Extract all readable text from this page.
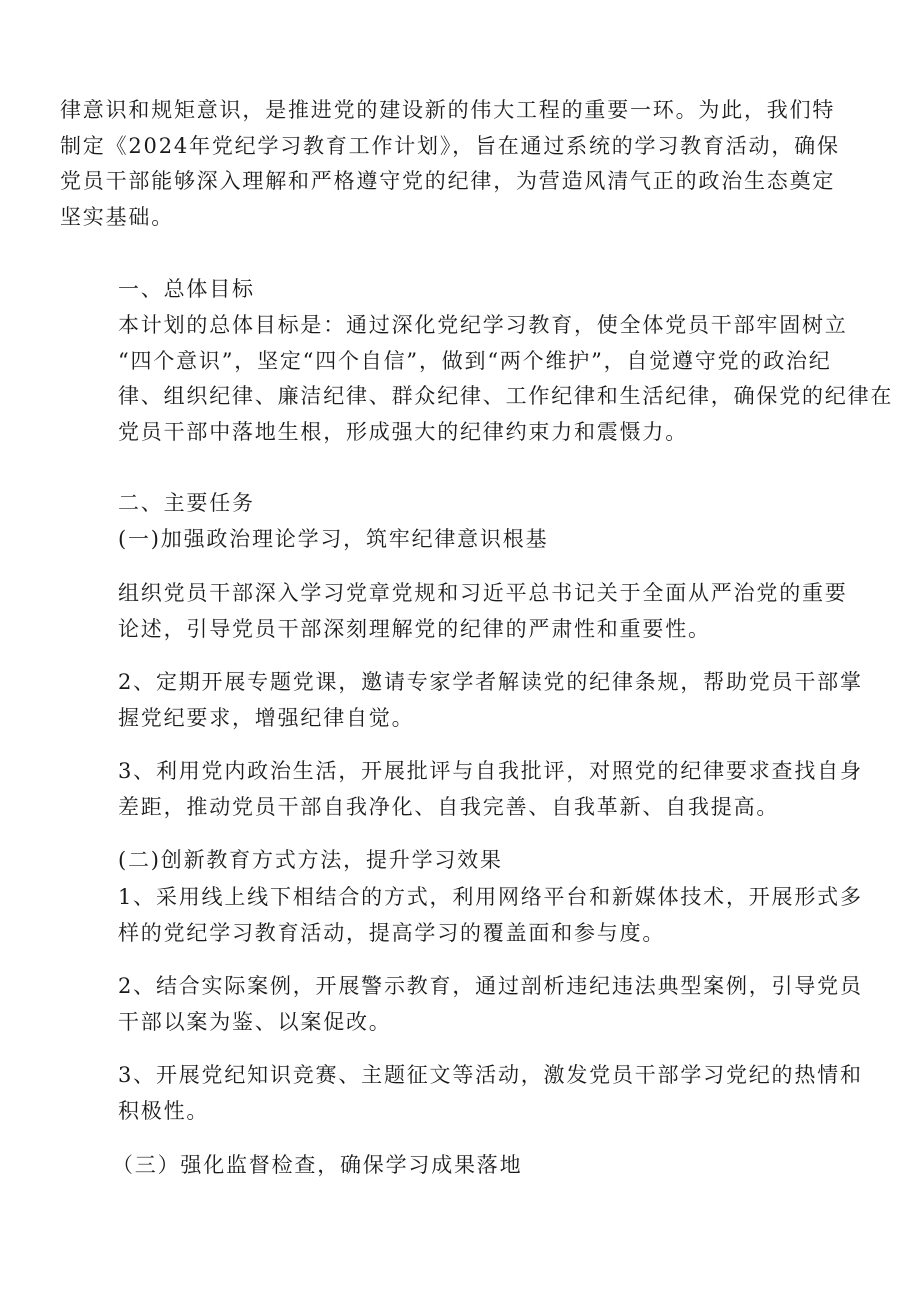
律意识和规矩意识，是推进党的建设新的伟大工程的重要一环。为此，我们特
制定《2024年党纪学习教育工作计划》，旨在通过系统的学习教育活动，确保
党员干部能够深入理解和严格遵守党的纪律，为营造风清气正的政治生态奠定
坚实基础。
一、总体目标
本计划的总体目标是：通过深化党纪学习教育，使全体党员干部牢固树立
“四个意识”，坚定“四个自信”，做到“两个维护”，自觉遵守党的政治纪
律、组织纪律、廉洁纪律、群众纪律、工作纪律和生活纪律，确保党的纪律在
党员干部中落地生根，形成强大的纪律约束力和震慑力。
二、主要任务
(一)加强政治理论学习，筑牢纪律意识根基
组织党员干部深入学习党章党规和习近平总书记关于全面从严治党的重要
论述，引导党员干部深刻理解党的纪律的严肃性和重要性。
2、定期开展专题党课，邀请专家学者解读党的纪律条规，帮助党员干部掌
握党纪要求，增强纪律自觉。
3、利用党内政治生活，开展批评与自我批评，对照党的纪律要求查找自身
差距，推动党员干部自我净化、自我完善、自我革新、自我提高。
(二)创新教育方式方法，提升学习效果
1、采用线上线下相结合的方式，利用网络平台和新媒体技术，开展形式多
样的党纪学习教育活动，提高学习的覆盖面和参与度。
2、结合实际案例，开展警示教育，通过剖析违纪违法典型案例，引导党员
干部以案为鉴、以案促改。
3、开展党纪知识竞赛、主题征文等活动，激发党员干部学习党纪的热情和
积极性。
（三）强化监督检查，确保学习成果落地
